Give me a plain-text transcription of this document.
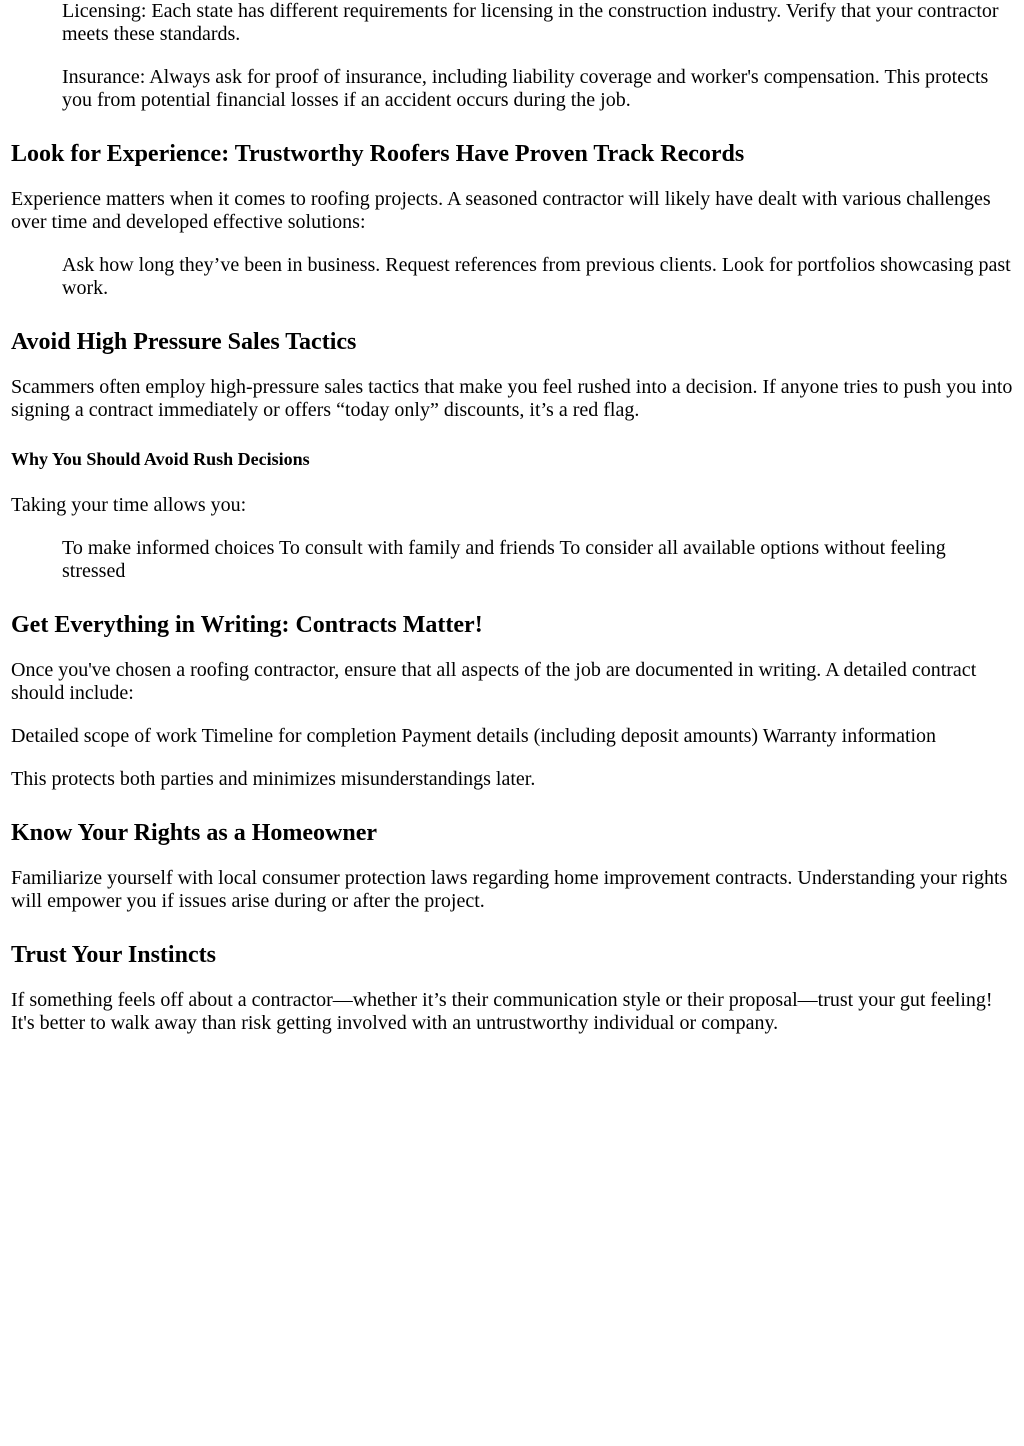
Licensing: Each state has different requirements for licensing in the construction industry. Verify that your contractor meets these standards.

Insurance: Always ask for proof of insurance, including liability coverage and worker's compensation. This protects you from potential financial losses if an accident occurs during the job.

Look for Experience: Trustworthy Roofers Have Proven Track Records

Experience matters when it comes to roofing projects. A seasoned contractor will likely have dealt with various challenges over time and developed effective solutions:

Ask how long they’ve been in business. Request references from previous clients. Look for portfolios showcasing past work.

Avoid High Pressure Sales Tactics

Scammers often employ high-pressure sales tactics that make you feel rushed into a decision. If anyone tries to push you into signing a contract immediately or offers “today only” discounts, it’s a red flag.

Why You Should Avoid Rush Decisions

Taking your time allows you:

To make informed choices To consult with family and friends To consider all available options without feeling stressed

Get Everything in Writing: Contracts Matter!

Once you've chosen a roofing contractor, ensure that all aspects of the job are documented in writing. A detailed contract should include:

Detailed scope of work Timeline for completion Payment details (including deposit amounts) Warranty information

This protects both parties and minimizes misunderstandings later.

Know Your Rights as a Homeowner

Familiarize yourself with local consumer protection laws regarding home improvement contracts. Understanding your rights will empower you if issues arise during or after the project.

Trust Your Instincts

If something feels off about a contractor—whether it’s their communication style or their proposal—trust your gut feeling! It's better to walk away than risk getting involved with an untrustworthy individual or company.
